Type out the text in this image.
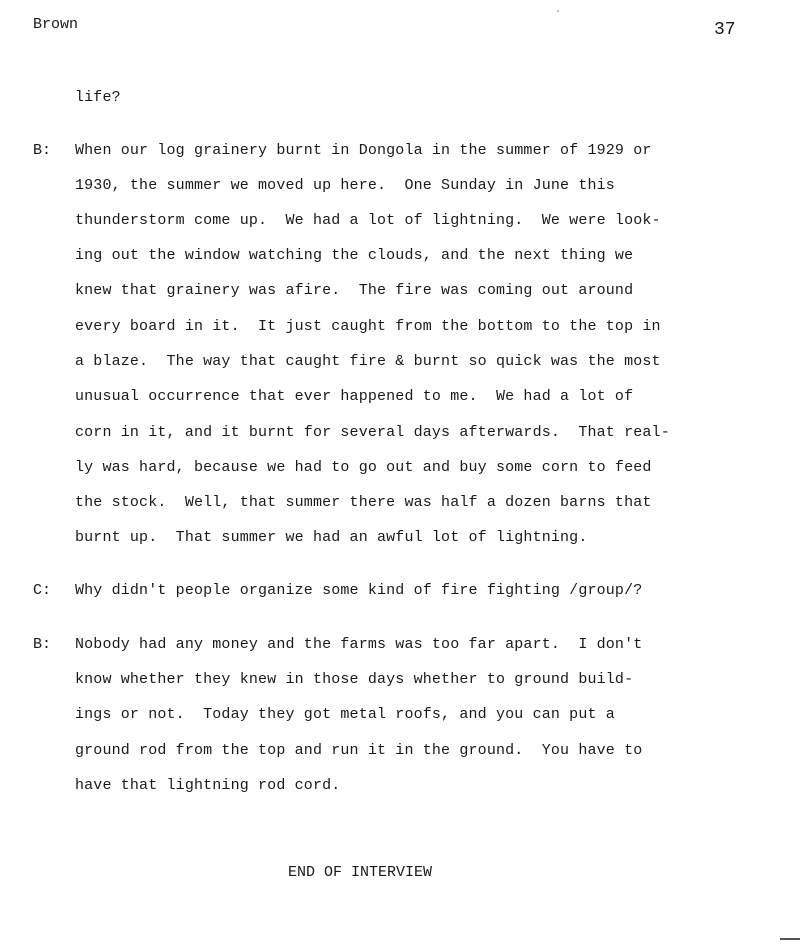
Brown	37
life?
B: When our log grainery burnt in Dongola in the summer of 1929 or
1930, the summer we moved up here.  One Sunday in June this
thunderstorm come up.  We had a lot of lightning.  We were look-
ing out the window watching the clouds, and the next thing we
knew that grainery was afire.  The fire was coming out around
every board in it.  It just caught from the bottom to the top in
a blaze.  The way that caught fire & burnt so quick was the most
unusual occurrence that ever happened to me.  We had a lot of
corn in it, and it burnt for several days afterwards.  That real-
ly was hard, because we had to go out and buy some corn to feed
the stock.  Well, that summer there was half a dozen barns that
burnt up.  That summer we had an awful lot of lightning.
C: Why didn't people organize some kind of fire fighting /group/?
B: Nobody had any money and the farms was too far apart.  I don't
know whether they knew in those days whether to ground build-
ings or not.  Today they got metal roofs, and you can put a
ground rod from the top and run it in the ground.  You have to
have that lightning rod cord.
END OF INTERVIEW
